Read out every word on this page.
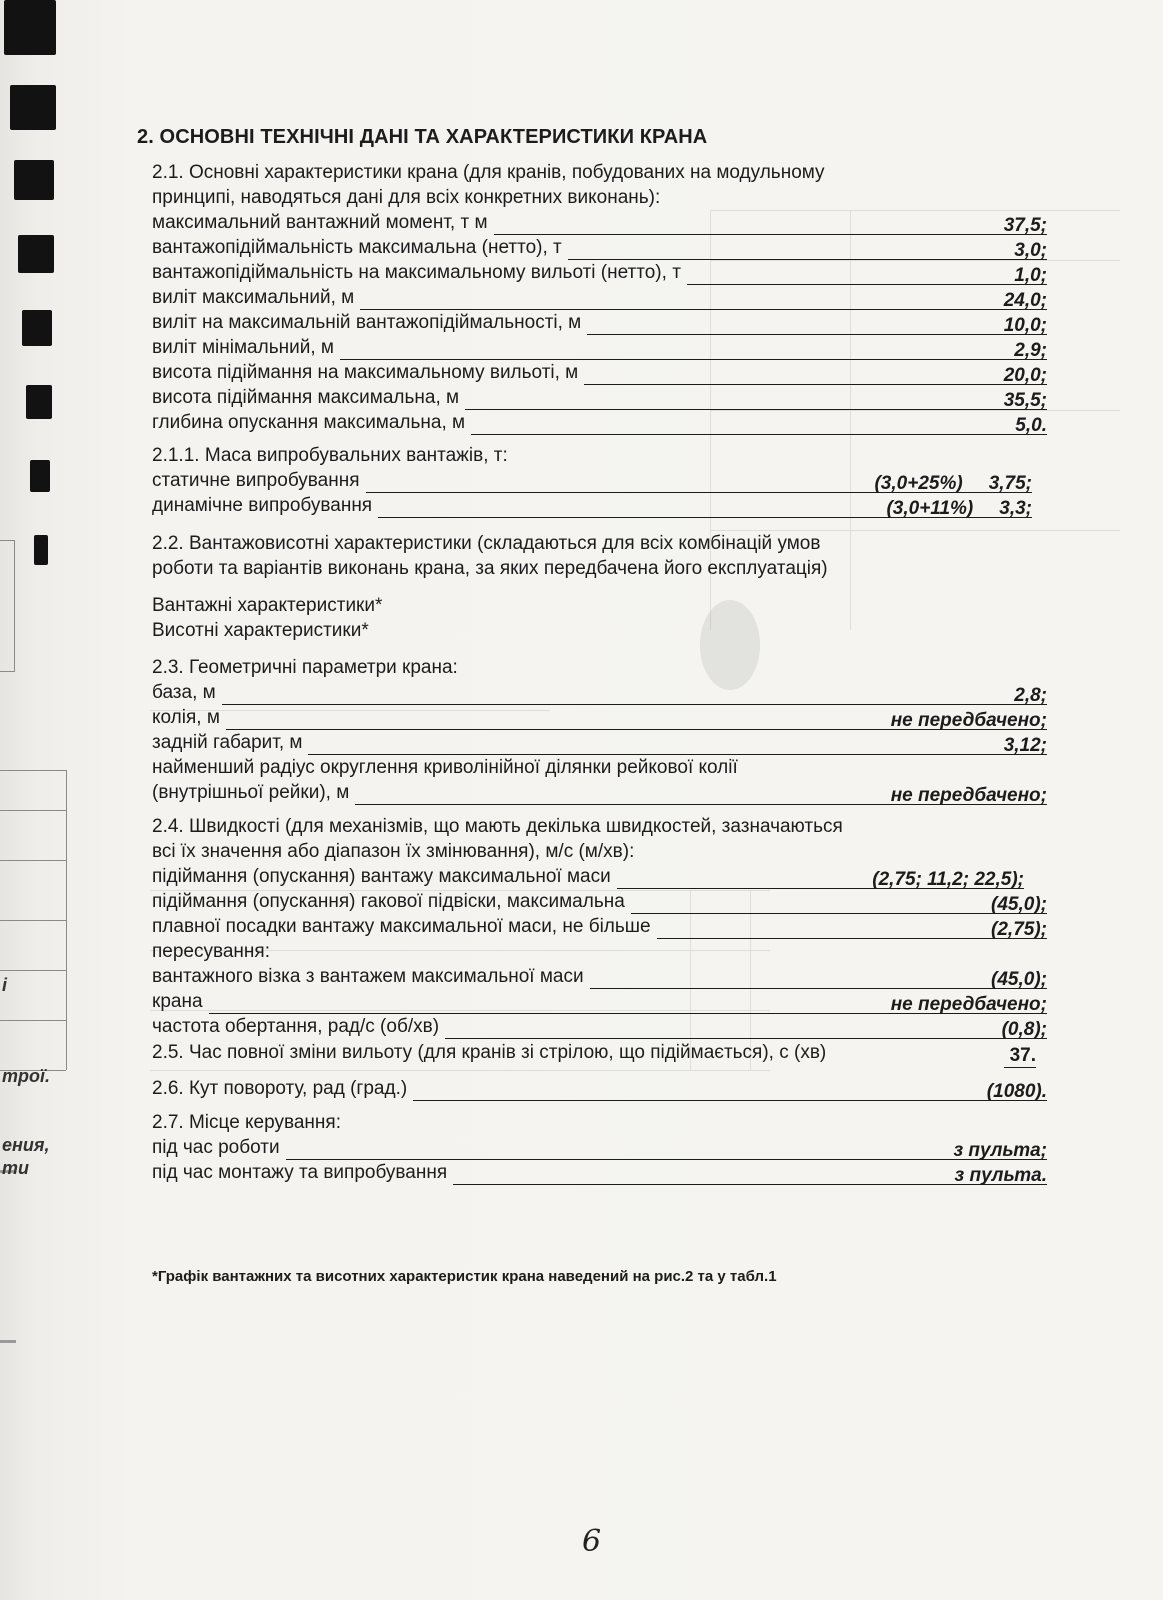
і
трої.
ения,
ти
2. ОСНОВНІ ТЕХНІЧНІ ДАНІ ТА ХАРАКТЕРИСТИКИ КРАНА
2.1. Основні характеристики крана (для кранів, побудованих на модульному
принципі, наводяться дані для всіх конкретних виконань):
максимальний вантажний момент, т м	37,5;
вантажопідіймальність максимальна (нетто), т	3,0;
вантажопідіймальність на максимальному вильоті (нетто), т	1,0;
виліт максимальний, м	24,0;
виліт на максимальній вантажопідіймальності, м	10,0;
виліт мінімальний, м	2,9;
висота підіймання на максимальному вильоті, м	20,0;
висота підіймання максимальна, м	35,5;
глибина опускання максимальна, м	5,0.
2.1.1. Маса випробувальних вантажів, т:
статичне випробування	(3,0+25%) 3,75;
динамічне випробування	(3,0+11%) 3,3;
2.2. Вантажовисотні характеристики (складаються для всіх комбінацій умов
роботи та варіантів виконань крана, за яких передбачена його експлуатація)
Вантажні характеристики*
Висотні характеристики*
2.3. Геометричні параметри крана:
база, м	2,8;
колія, м	не передбачено;
задній габарит, м	3,12;
найменший радіус округлення криволінійної ділянки рейкової колії
(внутрішньої рейки), м	не передбачено;
2.4. Швидкості (для механізмів, що мають декілька швидкостей, зазначаються
всі їх значення або діапазон їх змінювання), м/с (м/хв):
підіймання (опускання) вантажу максимальної маси	(2,75; 11,2; 22,5);
підіймання (опускання) гакової підвіски, максимальна	(45,0);
плавної посадки вантажу максимальної маси, не більше	(2,75);
пересування:
вантажного візка з вантажем максимальної маси	(45,0);
крана	не передбачено;
частота обертання, рад/с (об/хв)	(0,8);
2.5. Час повної зміни вильоту (для кранів зі стрілою, що підіймається), с (хв)	37.
2.6. Кут повороту, рад (град.)	(1080).
2.7. Місце керування:
під час роботи	з пульта;
під час монтажу та випробування	з пульта.
*Графік вантажних та висотних характеристик крана наведений на рис.2 та у табл.1
6
